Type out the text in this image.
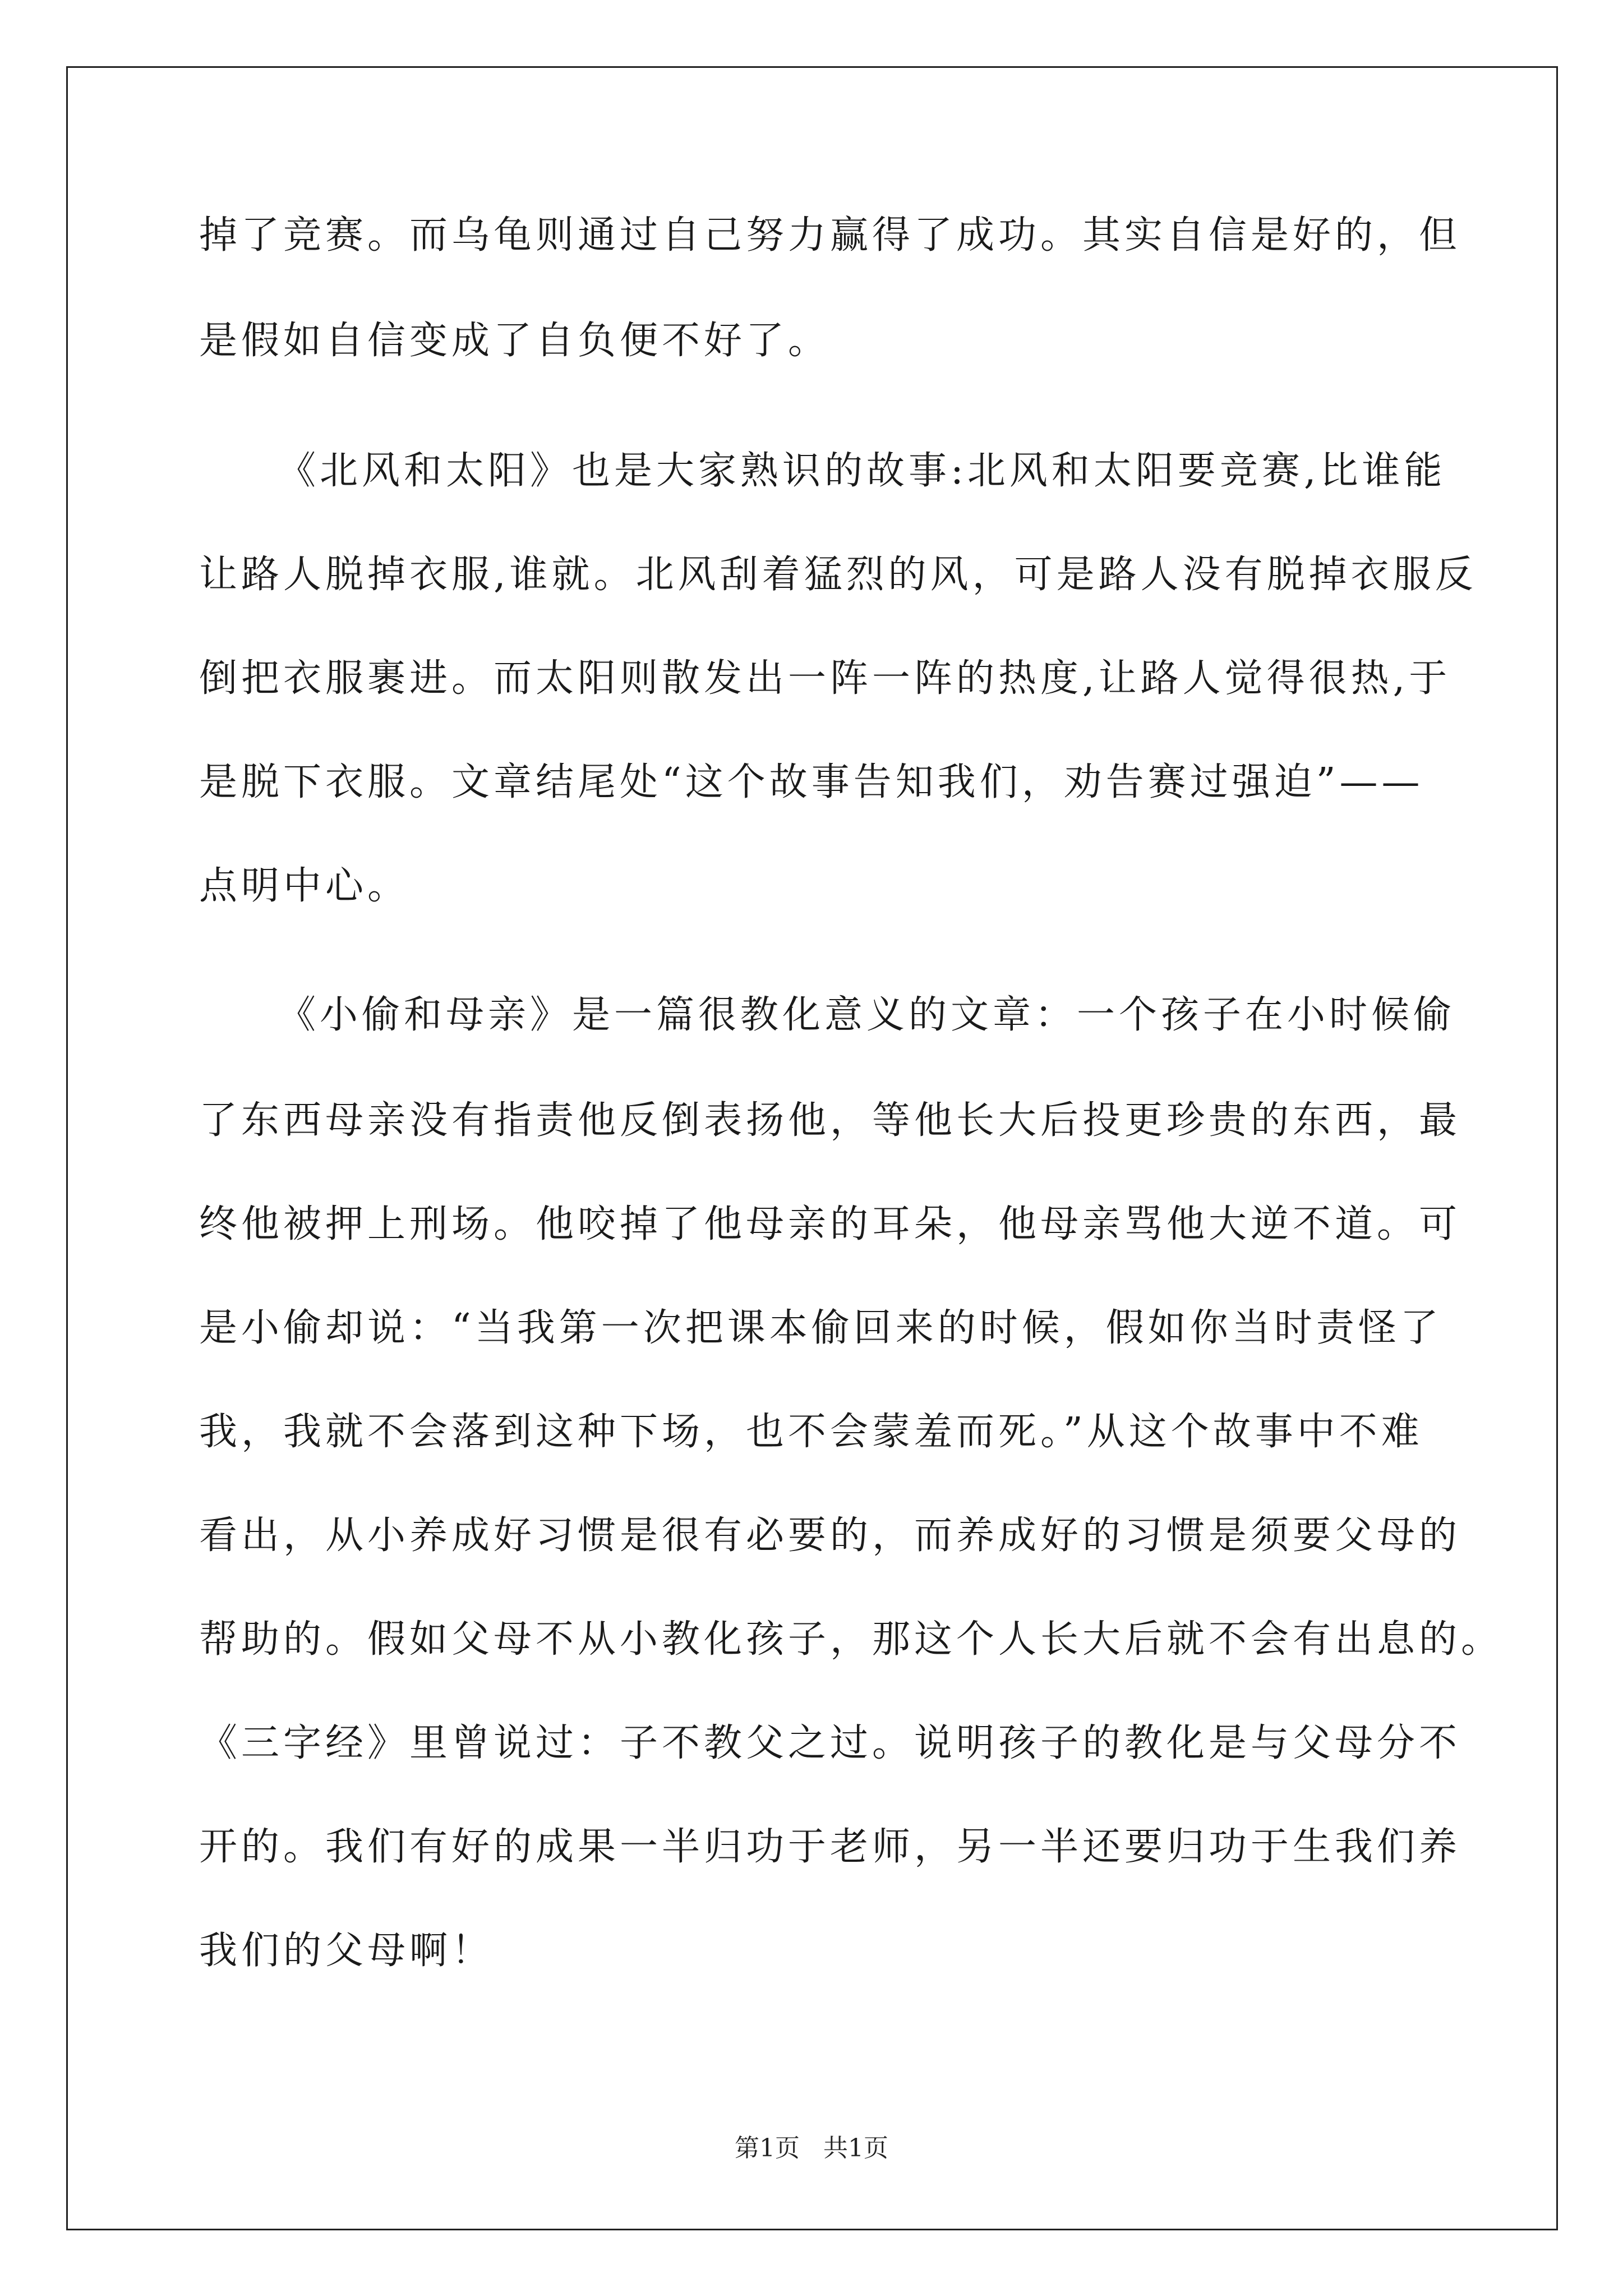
掉了竞赛。而乌龟则通过自己努力赢得了成功。其实自信是好的，但
是假如自信变成了自负便不好了。
《北风和太阳》也是大家熟识的故事:北风和太阳要竞赛,比谁能
让路人脱掉衣服,谁就。北风刮着猛烈的风，可是路人没有脱掉衣服反
倒把衣服裹进。而太阳则散发出一阵一阵的热度,让路人觉得很热,于
是脱下衣服。文章结尾处“这个故事告知我们，劝告赛过强迫”——
点明中心。
《小偷和母亲》是一篇很教化意义的文章：一个孩子在小时候偷
了东西母亲没有指责他反倒表扬他，等他长大后投更珍贵的东西，最
终他被押上刑场。他咬掉了他母亲的耳朵，他母亲骂他大逆不道。可
是小偷却说：“当我第一次把课本偷回来的时候，假如你当时责怪了
我，我就不会落到这种下场，也不会蒙羞而死。”从这个故事中不难
看出，从小养成好习惯是很有必要的，而养成好的习惯是须要父母的
帮助的。假如父母不从小教化孩子，那这个人长大后就不会有出息的。
《三字经》里曾说过：子不教父之过。说明孩子的教化是与父母分不
开的。我们有好的成果一半归功于老师，另一半还要归功于生我们养
我们的父母啊！
第1页   共1页
